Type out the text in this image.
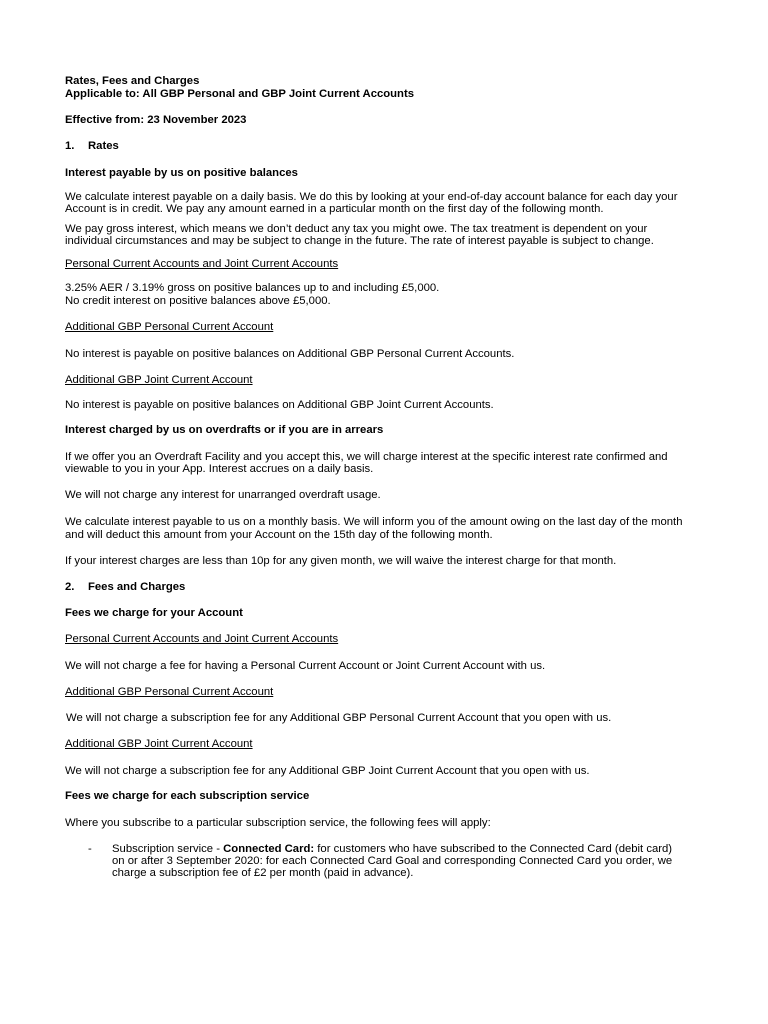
Rates, Fees and Charges
Applicable to: All GBP Personal and GBP Joint Current Accounts
Effective from: 23 November 2023
1. Rates
Interest payable by us on positive balances
We calculate interest payable on a daily basis. We do this by looking at your end-of-day account balance for each day your
Account is in credit. We pay any amount earned in a particular month on the first day of the following month.
We pay gross interest, which means we don’t deduct any tax you might owe. The tax treatment is dependent on your
individual circumstances and may be subject to change in the future. The rate of interest payable is subject to change.
Personal Current Accounts and Joint Current Accounts
3.25% AER / 3.19% gross on positive balances up to and including £5,000.
No credit interest on positive balances above £5,000.
Additional GBP Personal Current Account
No interest is payable on positive balances on Additional GBP Personal Current Accounts.
Additional GBP Joint Current Account
No interest is payable on positive balances on Additional GBP Joint Current Accounts.
Interest charged by us on overdrafts or if you are in arrears
If we offer you an Overdraft Facility and you accept this, we will charge interest at the specific interest rate confirmed and
viewable to you in your App. Interest accrues on a daily basis.
We will not charge any interest for unarranged overdraft usage.
We calculate interest payable to us on a monthly basis. We will inform you of the amount owing on the last day of the month
and will deduct this amount from your Account on the 15th day of the following month.
If your interest charges are less than 10p for any given month, we will waive the interest charge for that month.
2. Fees and Charges
Fees we charge for your Account
Personal Current Accounts and Joint Current Accounts
We will not charge a fee for having a Personal Current Account or Joint Current Account with us.
Additional GBP Personal Current Account
We will not charge a subscription fee for any Additional GBP Personal Current Account that you open with us.
Additional GBP Joint Current Account
We will not charge a subscription fee for any Additional GBP Joint Current Account that you open with us.
Fees we charge for each subscription service
Where you subscribe to a particular subscription service, the following fees will apply:
- Subscription service - Connected Card: for customers who have subscribed to the Connected Card (debit card)
on or after 3 September 2020: for each Connected Card Goal and corresponding Connected Card you order, we
charge a subscription fee of £2 per month (paid in advance).
